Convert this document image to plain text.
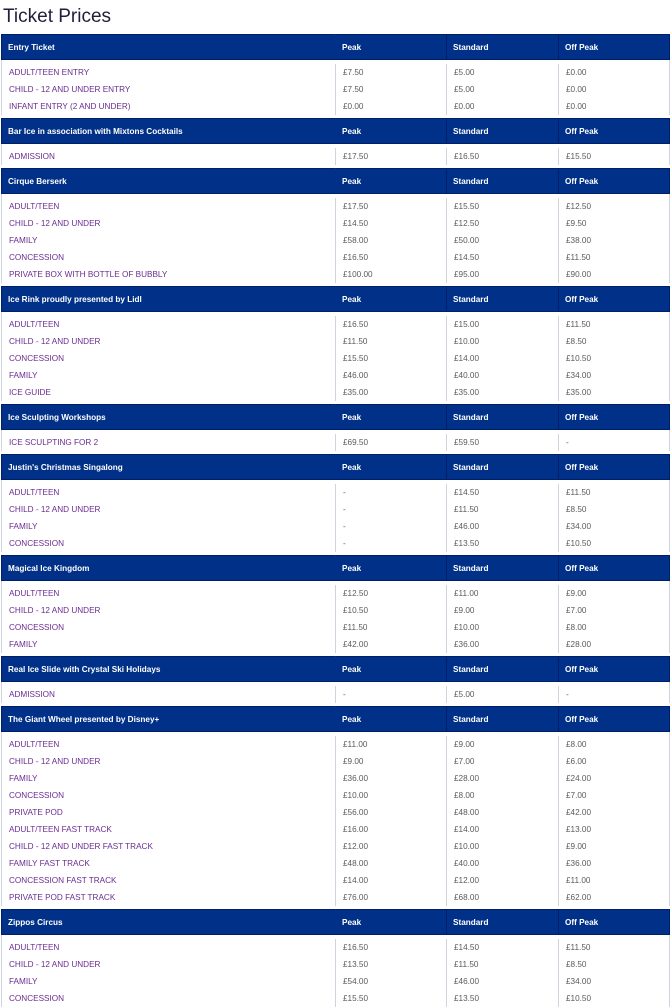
Ticket Prices
Entry Ticket	Peak	Standard	Off Peak

ADULT/TEEN ENTRY	£7.50	£5.00	£0.00
CHILD - 12 AND UNDER ENTRY	£7.50	£5.00	£0.00
INFANT ENTRY (2 AND UNDER)	£0.00	£0.00	£0.00

Bar Ice in association with Mixtons Cocktails	Peak	Standard	Off Peak

ADMISSION	£17.50	£16.50	£15.50

Cirque Berserk	Peak	Standard	Off Peak

ADULT/TEEN	£17.50	£15.50	£12.50
CHILD - 12 AND UNDER	£14.50	£12.50	£9.50
FAMILY	£58.00	£50.00	£38.00
CONCESSION	£16.50	£14.50	£11.50
PRIVATE BOX WITH BOTTLE OF BUBBLY	£100.00	£95.00	£90.00

Ice Rink proudly presented by Lidl	Peak	Standard	Off Peak

ADULT/TEEN	£16.50	£15.00	£11.50
CHILD - 12 AND UNDER	£11.50	£10.00	£8.50
CONCESSION	£15.50	£14.00	£10.50
FAMILY	£46.00	£40.00	£34.00
ICE GUIDE	£35.00	£35.00	£35.00

Ice Sculpting Workshops	Peak	Standard	Off Peak

ICE SCULPTING FOR 2	£69.50	£59.50	-

Justin's Christmas Singalong	Peak	Standard	Off Peak

ADULT/TEEN	-	£14.50	£11.50
CHILD - 12 AND UNDER	-	£11.50	£8.50
FAMILY	-	£46.00	£34.00
CONCESSION	-	£13.50	£10.50

Magical Ice Kingdom	Peak	Standard	Off Peak

ADULT/TEEN	£12.50	£11.00	£9.00
CHILD - 12 AND UNDER	£10.50	£9.00	£7.00
CONCESSION	£11.50	£10.00	£8.00
FAMILY	£42.00	£36.00	£28.00

Real Ice Slide with Crystal Ski Holidays	Peak	Standard	Off Peak

ADMISSION	-	£5.00	-

The Giant Wheel presented by Disney+	Peak	Standard	Off Peak

ADULT/TEEN	£11.00	£9.00	£8.00
CHILD - 12 AND UNDER	£9.00	£7.00	£6.00
FAMILY	£36.00	£28.00	£24.00
CONCESSION	£10.00	£8.00	£7.00
PRIVATE POD	£56.00	£48.00	£42.00
ADULT/TEEN FAST TRACK	£16.00	£14.00	£13.00
CHILD - 12 AND UNDER FAST TRACK	£12.00	£10.00	£9.00
FAMILY FAST TRACK	£48.00	£40.00	£36.00
CONCESSION FAST TRACK	£14.00	£12.00	£11.00
PRIVATE POD FAST TRACK	£76.00	£68.00	£62.00

Zippos Circus	Peak	Standard	Off Peak

ADULT/TEEN	£16.50	£14.50	£11.50
CHILD - 12 AND UNDER	£13.50	£11.50	£8.50
FAMILY	£54.00	£46.00	£34.00
CONCESSION	£15.50	£13.50	£10.50
